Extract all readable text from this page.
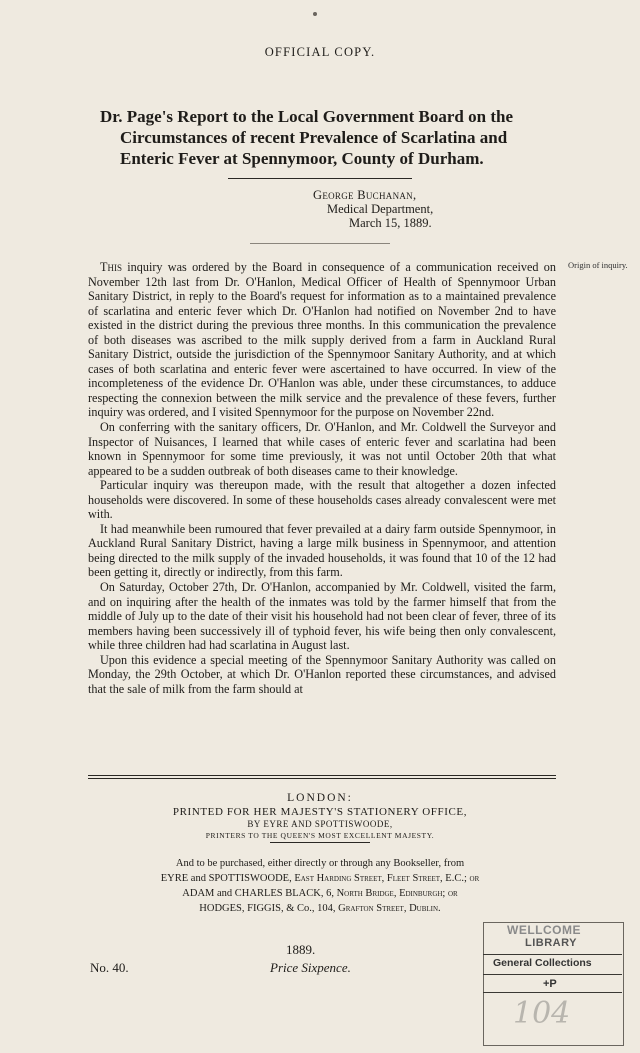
OFFICIAL COPY.
Dr. Page's Report to the Local Government Board on the
Circumstances of recent Prevalence of Scarlatina and
Enteric Fever at Spennymoor, County of Durham.
George Buchanan,
Medical Department,
March 15, 1889.
Origin of inquiry.

This inquiry was ordered by the Board in consequence of a communication received on November 12th last from Dr. O'Hanlon, Medical Officer of Health of Spennymoor Urban Sanitary District, in reply to the Board's request for information as to a maintained prevalence of scarlatina and enteric fever which Dr. O'Hanlon had notified on November 2nd to have existed in the district during the previous three months. In this communication the prevalence of both diseases was ascribed to the milk supply derived from a farm in Auckland Rural Sanitary District, outside the jurisdiction of the Spennymoor Sanitary Authority, and at which cases of both scarlatina and enteric fever were ascertained to have occurred. In view of the incompleteness of the evidence Dr. O'Hanlon was able, under these circumstances, to adduce respecting the connexion between the milk service and the prevalence of these fevers, further inquiry was ordered, and I visited Spennymoor for the purpose on November 22nd.

On conferring with the sanitary officers, Dr. O'Hanlon, and Mr. Coldwell the Surveyor and Inspector of Nuisances, I learned that while cases of enteric fever and scarlatina had been known in Spennymoor for some time previously, it was not until October 20th that what appeared to be a sudden outbreak of both diseases came to their knowledge.

Particular inquiry was thereupon made, with the result that altogether a dozen infected households were discovered. In some of these households cases already convalescent were met with.

It had meanwhile been rumoured that fever prevailed at a dairy farm outside Spennymoor, in Auckland Rural Sanitary District, having a large milk business in Spennymoor, and attention being directed to the milk supply of the invaded households, it was found that 10 of the 12 had been getting it, directly or indirectly, from this farm.

On Saturday, October 27th, Dr. O'Hanlon, accompanied by Mr. Coldwell, visited the farm, and on inquiring after the health of the inmates was told by the farmer himself that from the middle of July up to the date of their visit his household had not been clear of fever, three of its members having been successively ill of typhoid fever, his wife being then only convalescent, while three children had had scarlatina in August last.

Upon this evidence a special meeting of the Spennymoor Sanitary Authority was called on Monday, the 29th October, at which Dr. O'Hanlon reported these circumstances, and advised that the sale of milk from the farm should at

LONDON:
PRINTED FOR HER MAJESTY'S STATIONERY OFFICE,
BY EYRE AND SPOTTISWOODE,
PRINTERS TO THE QUEEN'S MOST EXCELLENT MAJESTY.
And to be purchased, either directly or through any Bookseller, from
EYRE and SPOTTISWOODE, East Harding Street, Fleet Street, E.C.; or
ADAM and CHARLES BLACK, 6, North Bridge, Edinburgh; or
HODGES, FIGGIS, & Co., 104, Grafton Street, Dublin.
1889.
Price Sixpence.
No. 40.
WELLCOME
LIBRARY
General Collections
+P
104
